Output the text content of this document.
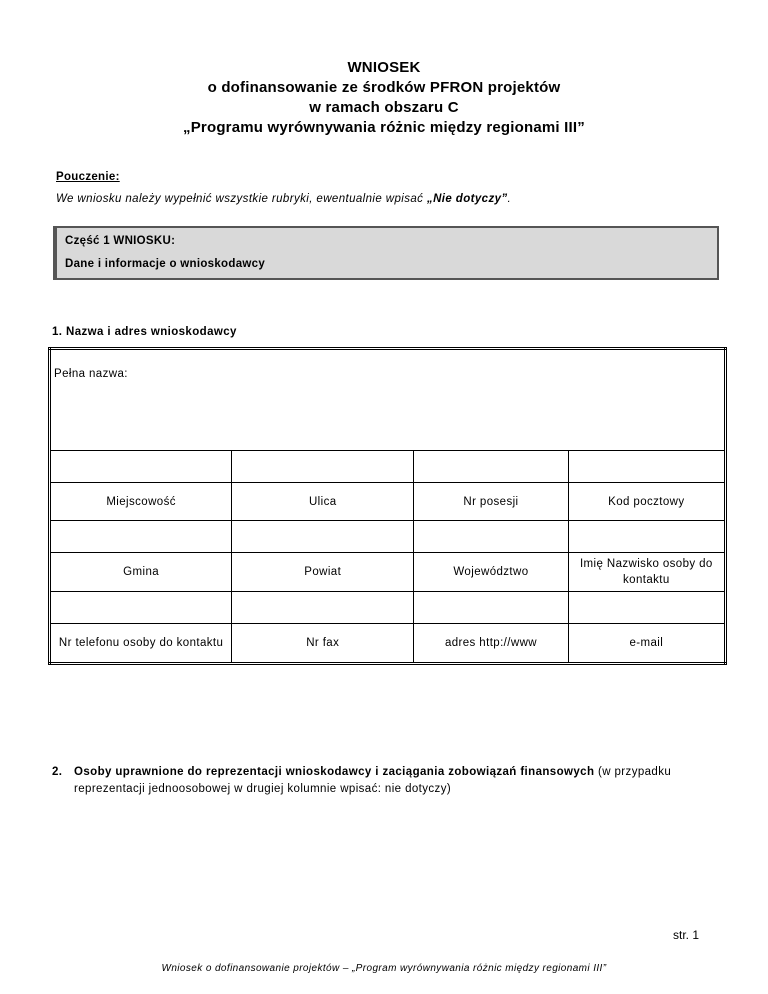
WNIOSEK
o dofinansowanie ze środków PFRON projektów
w ramach obszaru C
„Programu wyrównywania różnic między regionami III”
Pouczenie:
We wniosku należy wypełnić wszystkie rubryki, ewentualnie wpisać „Nie dotyczy”.
Część 1 WNIOSKU:
Dane i informacje o wnioskodawcy
1. Nazwa i adres wnioskodawcy
Pełna nazwa:			

Miejscowość	Ulica	Nr posesji	Kod pocztowy

Gmina	Powiat	Województwo	Imię Nazwisko osoby do kontaktu

Nr telefonu osoby do kontaktu	Nr fax	adres http://www	e-mail
2. Osoby uprawnione do reprezentacji wnioskodawcy i zaciągania zobowiązań finansowych (w przypadku reprezentacji jednoosobowej w drugiej kolumnie wpisać: nie dotyczy)
str. 1
Wniosek o dofinansowanie projektów – „Program wyrównywania różnic między regionami III”
